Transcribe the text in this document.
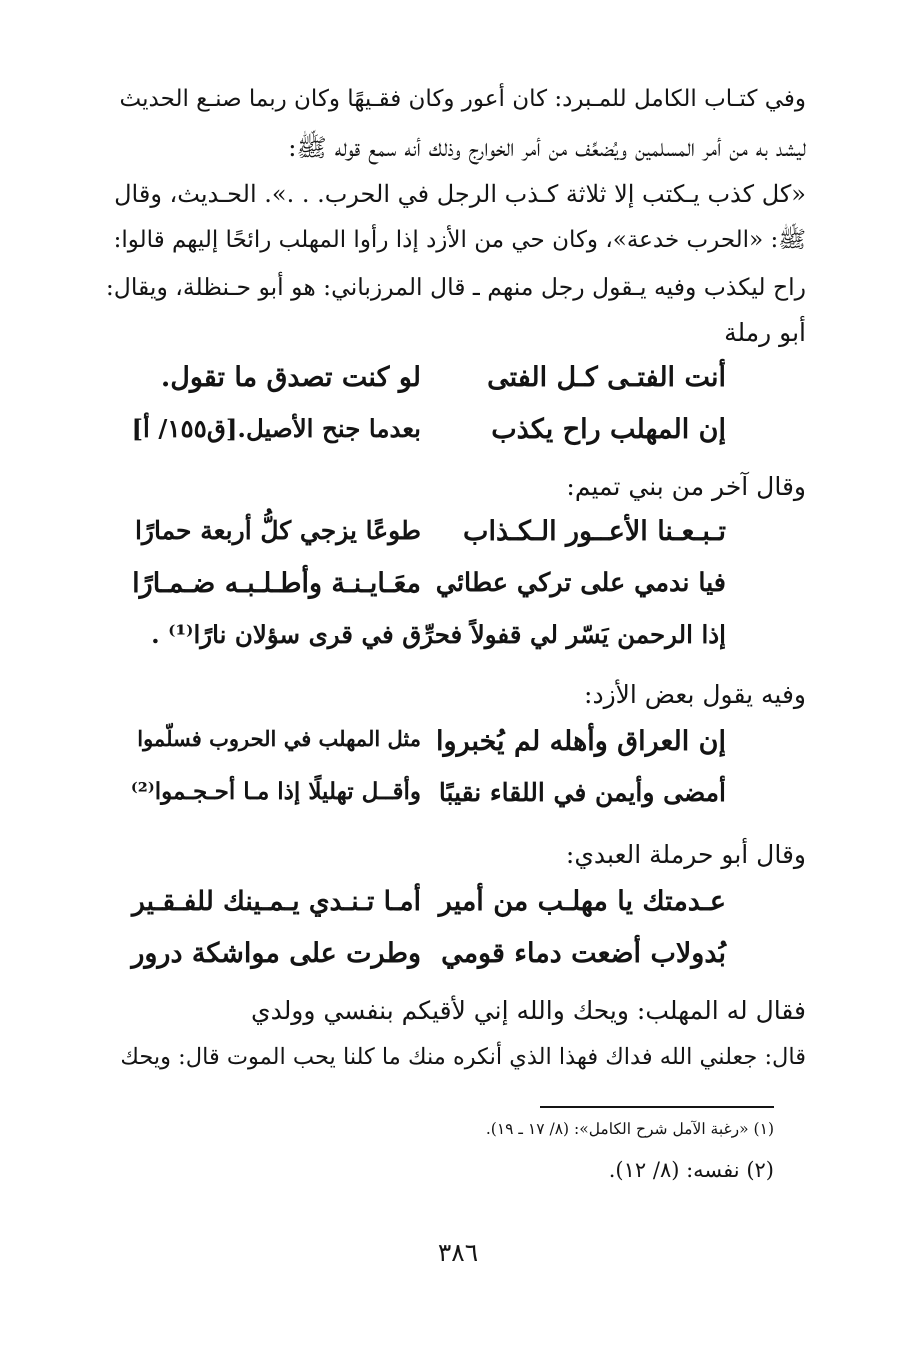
وفي كتـاب الكامل للمـبرد: كان أعور وكان فقـيهًا وكان ربما صنـع الحديث
ليشد به من أمر المسلمين ويُضعِّف من أمر الخوارج وذلك أنه سمع قوله ﷺ:
«كل كذب يـكتب إلا ثلاثة كـذب الرجل في الحرب. . .». الحـديث، وقال
ﷺ: «الحرب خدعة»، وكان حي من الأزد إذا رأوا المهلب رائحًا إليهم قالوا:
راح ليكذب وفيه يـقول رجل منهم ـ قال المرزباني: هو أبو حـنظلة، ويقال:
أبو رملة
أنت الفتـى كـل الفتى
لو كنت تصدق ما تقول.
إن المهلب راح يكذب
بعدما جنح الأصيل.[ق١٥٥/ أ]
وقال آخر من بني تميم:
تـبـعـنا الأعــور الـكـذاب
طوعًا يزجي كلُّ أربعة حمارًا
فيا ندمي على تركي عطائي
معَـايـنـة وأطـلـبـه ضـمـارًا
إذا الرحمن يَسّر لي قفولاً فحرِّق في قرى سؤلان نارًا⁽¹⁾ .
وفيه يقول بعض الأزد:
إن العراق وأهله لم يُخبروا
مثل المهلب في الحروب فسلّموا
أمضى وأيمن في اللقاء نقيبًا
وأقــل تهليلًا إذا مـا أحـجـموا⁽²⁾
وقال أبو حرملة العبدي:
عـدمتك يا مهلـب من أمير
أمـا تـنـدي يـمـينك للفـقـير
بُدولاب أضعت دماء قومي
وطرت على مواشكة درور
فقال له المهلب: ويحك والله إني لأقيكم بنفسي وولدي
قال: جعلني الله فداك فهذا الذي أنكره منك ما كلنا يحب الموت قال: ويحك
(١) «رغبة الآمل شرح الكامل»: (٨/ ١٧ ـ ١٩).
(٢) نفسه: (٨/ ١٢).
٣٨٦
